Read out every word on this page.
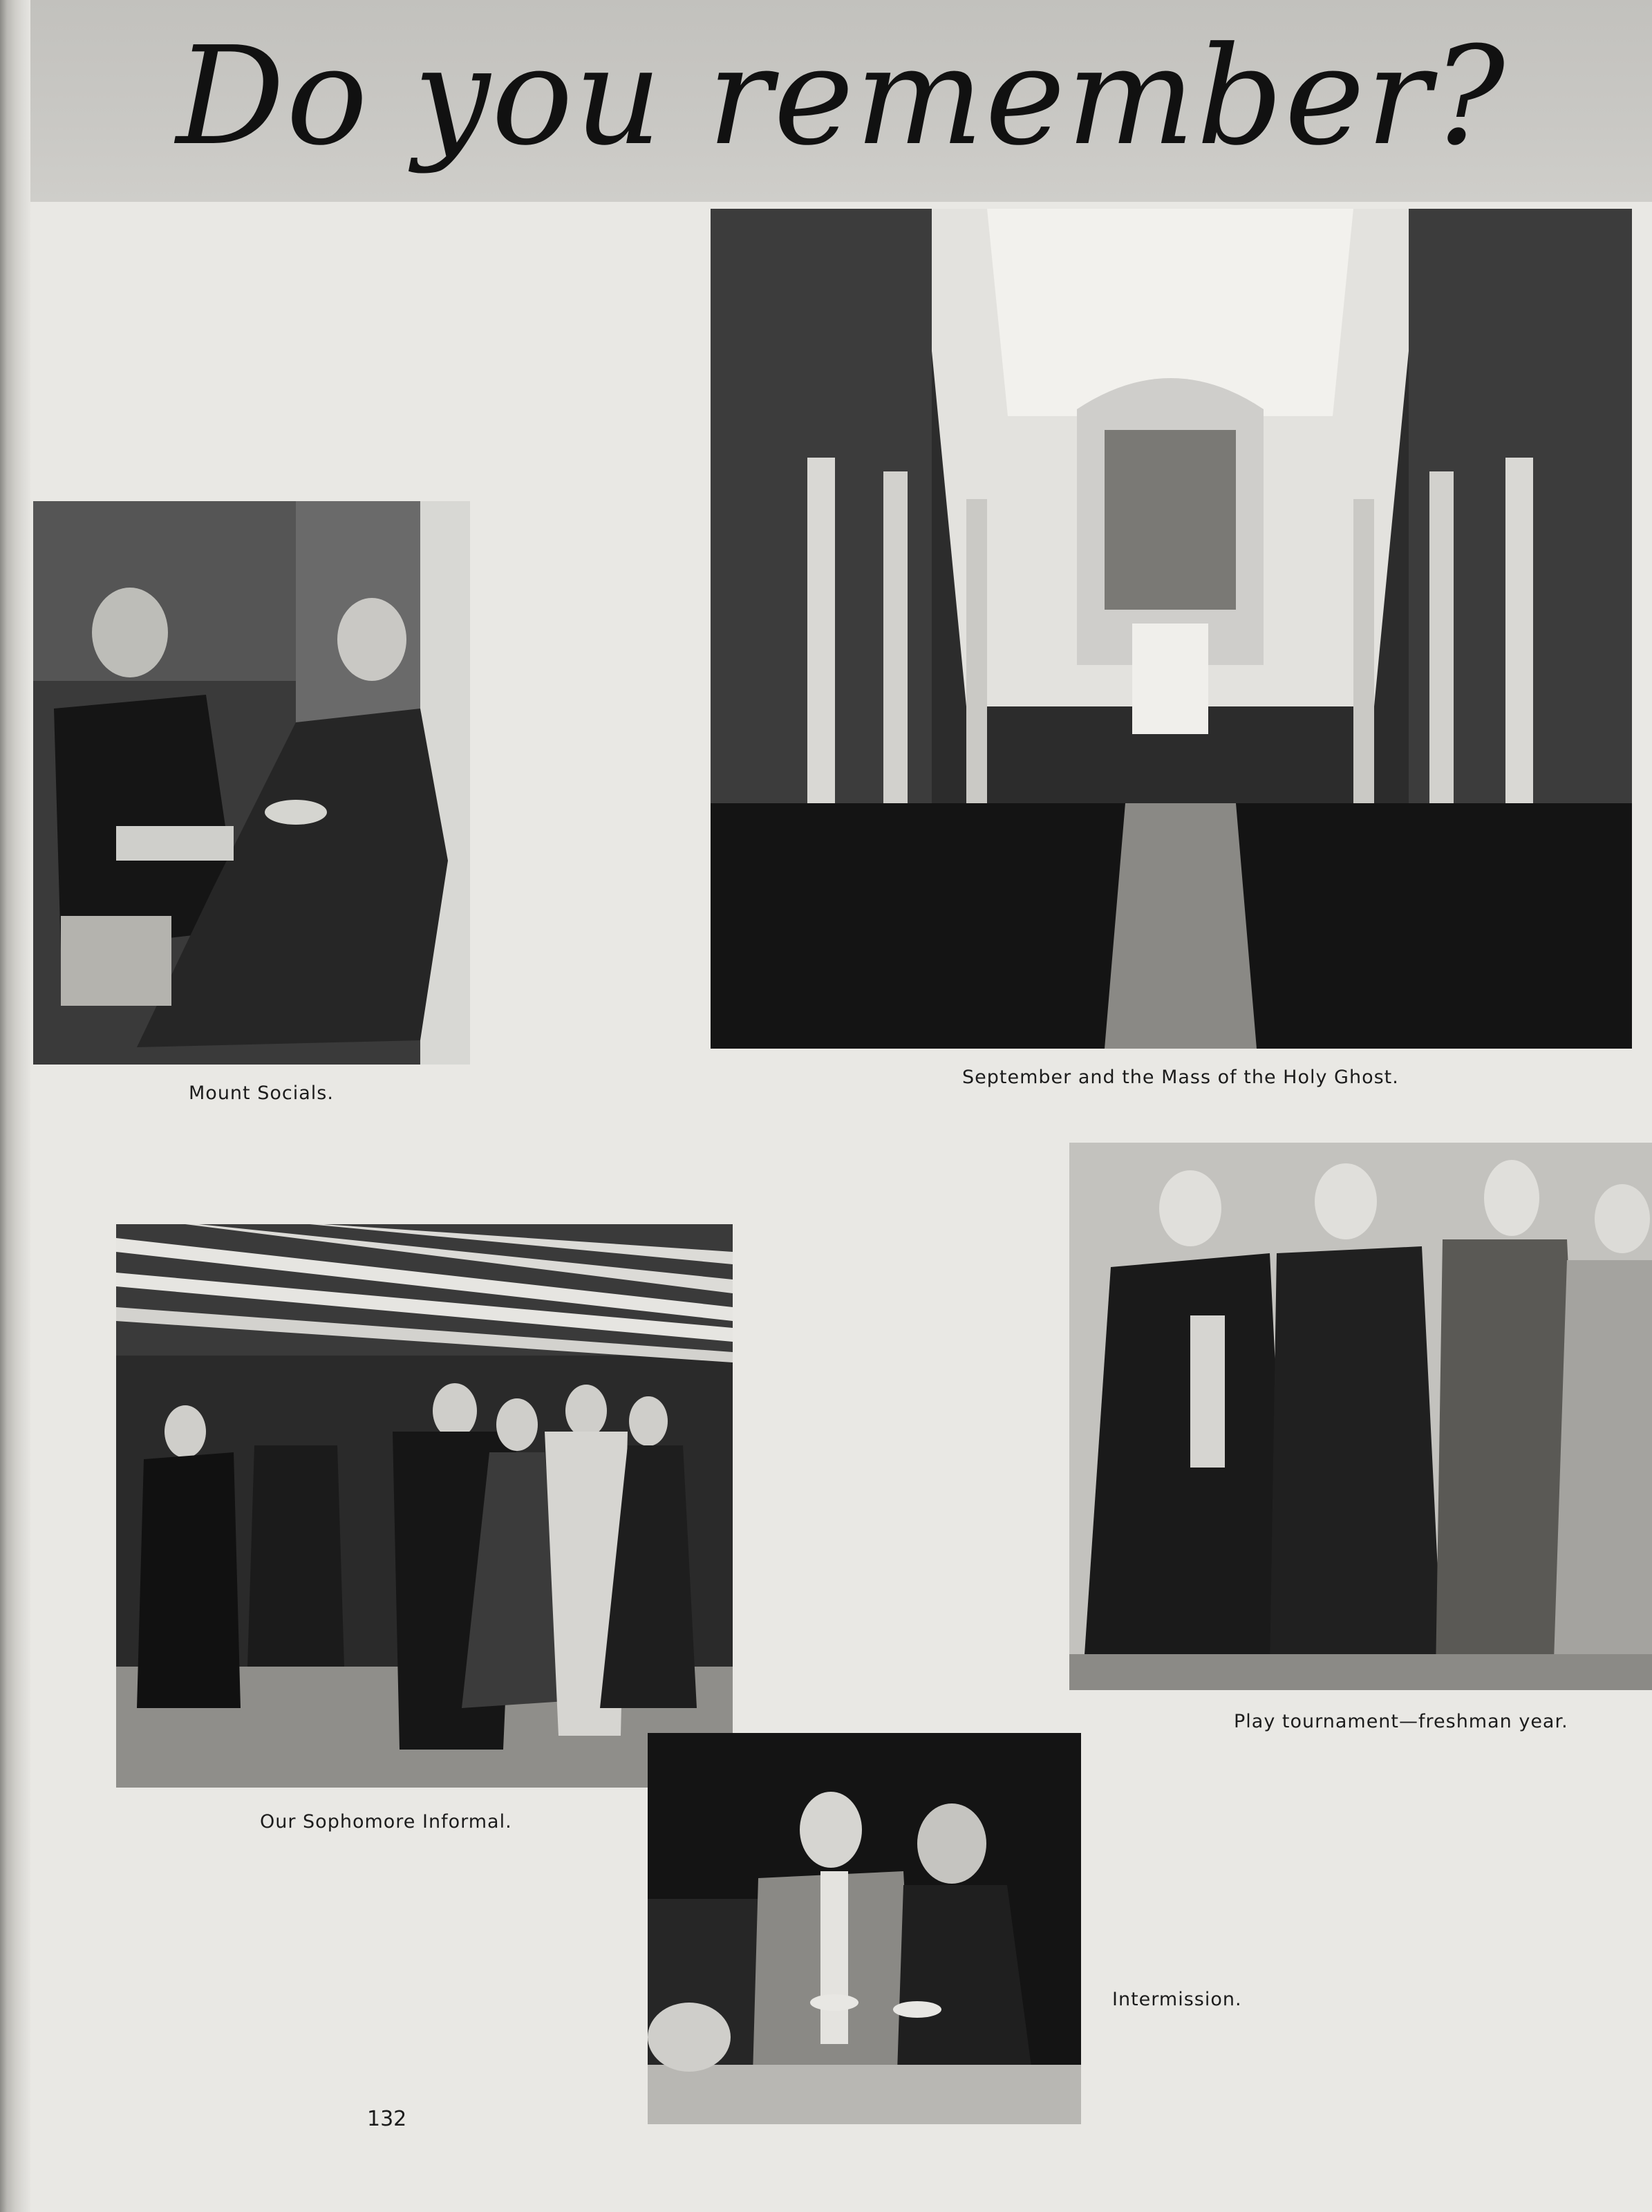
Do you remember?
Mount Socials.
September and the Mass of the Holy Ghost.
Play tournament—freshman year.
Our Sophomore Informal.
Intermission.
132
